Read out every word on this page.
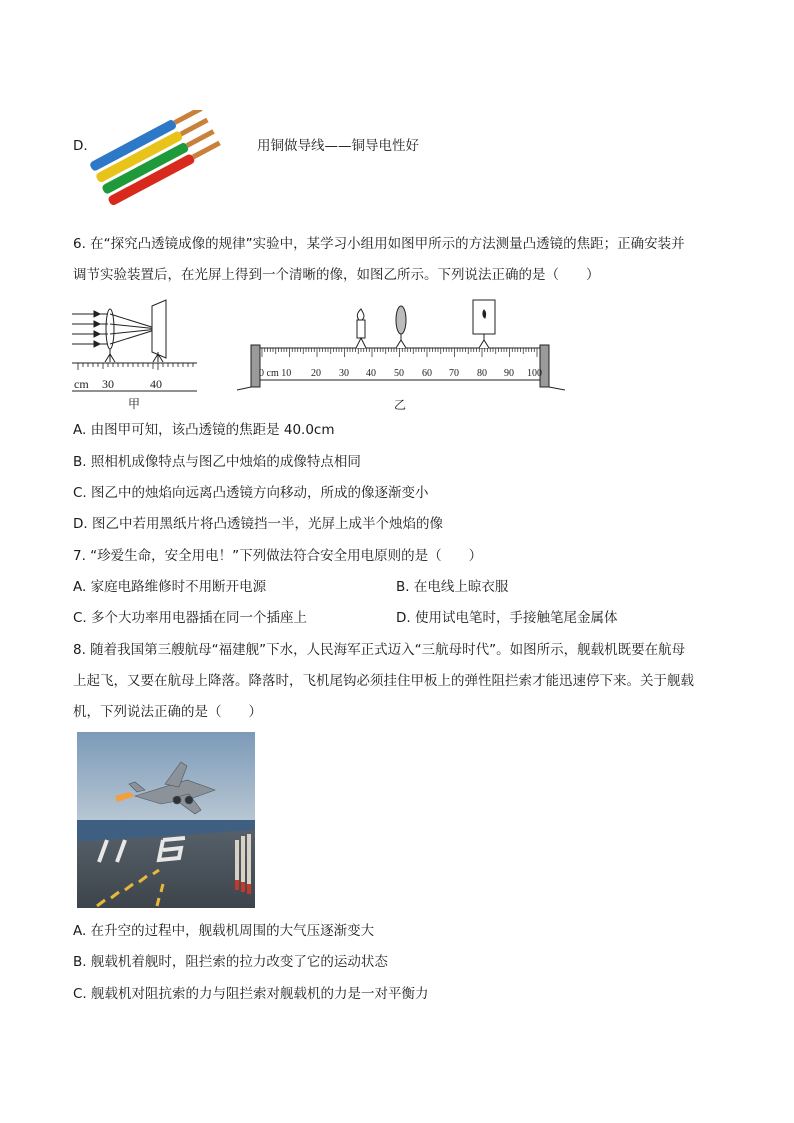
D.	用铜做导线——铜导电性好
6. 在“探究凸透镜成像的规律”实验中，某学习小组用如图甲所示的方法测量凸透镜的焦距；正确安装并
调节实验装置后，在光屏上得到一个清晰的像，如图乙所示。下列说法正确的是（　　）
cm 30	40
甲
0 cm 10 20 30 40 50 60 70 80 90 100
乙
A. 由图甲可知，该凸透镜的焦距是 40.0cm
B. 照相机成像特点与图乙中烛焰的成像特点相同
C. 图乙中的烛焰向远离凸透镜方向移动，所成的像逐渐变小
D. 图乙中若用黑纸片将凸透镜挡一半，光屏上成半个烛焰的像
7. “珍爱生命，安全用电！”下列做法符合安全用电原则的是（　　）
A. 家庭电路维修时不用断开电源	B. 在电线上晾衣服
C. 多个大功率用电器插在同一个插座上	D. 使用试电笔时，手接触笔尾金属体
8. 随着我国第三艘航母“福建舰”下水，人民海军正式迈入“三航母时代”。如图所示，舰载机既要在航母
上起飞，又要在航母上降落。降落时，飞机尾钩必须挂住甲板上的弹性阻拦索才能迅速停下来。关于舰载
机，下列说法正确的是（　　）
A. 在升空的过程中，舰载机周围的大气压逐渐变大
B. 舰载机着舰时，阻拦索的拉力改变了它的运动状态
C. 舰载机对阻抗索的力与阻拦索对舰载机的力是一对平衡力
